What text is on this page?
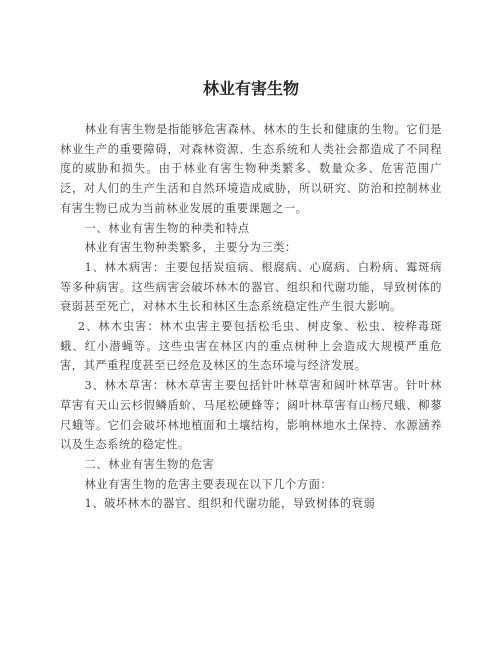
林业有害生物

林业有害生物是指能够危害森林、林木的生长和健康的生物。它们是林业生产的重要障碍，对森林资源、生态系统和人类社会都造成了不同程度的威胁和损失。由于林业有害生物种类繁多、数量众多、危害范围广泛，对人们的生产生活和自然环境造成威胁，所以研究、防治和控制林业有害生物已成为当前林业发展的重要课题之一。

一、林业有害生物的种类和特点

林业有害生物种类繁多，主要分为三类：

1、林木病害：主要包括炭疽病、根腐病、心腐病、白粉病、霉斑病等多种病害。这些病害会破坏林木的器官、组织和代谢功能，导致树体的衰弱甚至死亡，对林木生长和林区生态系统稳定性产生很大影响。

2、林木虫害：林木虫害主要包括松毛虫、树皮象、松虫、桉桦毒斑蛾、红小潜蝇等。这些虫害在林区内的重点树种上会造成大规模严重危害，其严重程度甚至已经危及林区的生态环境与经济发展。

3、林木草害：林木草害主要包括针叶林草害和阔叶林草害。针叶林草害有天山云杉假鳞盾蚧、马尾松硬蜂等；阔叶林草害有山杨尺蛾、柳蓼尺蛾等。它们会破坏林地植面和土壤结构，影响林地水土保持、水源涵养以及生态系统的稳定性。

二、林业有害生物的危害

林业有害生物的危害主要表现在以下几个方面：

1、破坏林木的器官、组织和代谢功能，导致树体的衰弱
